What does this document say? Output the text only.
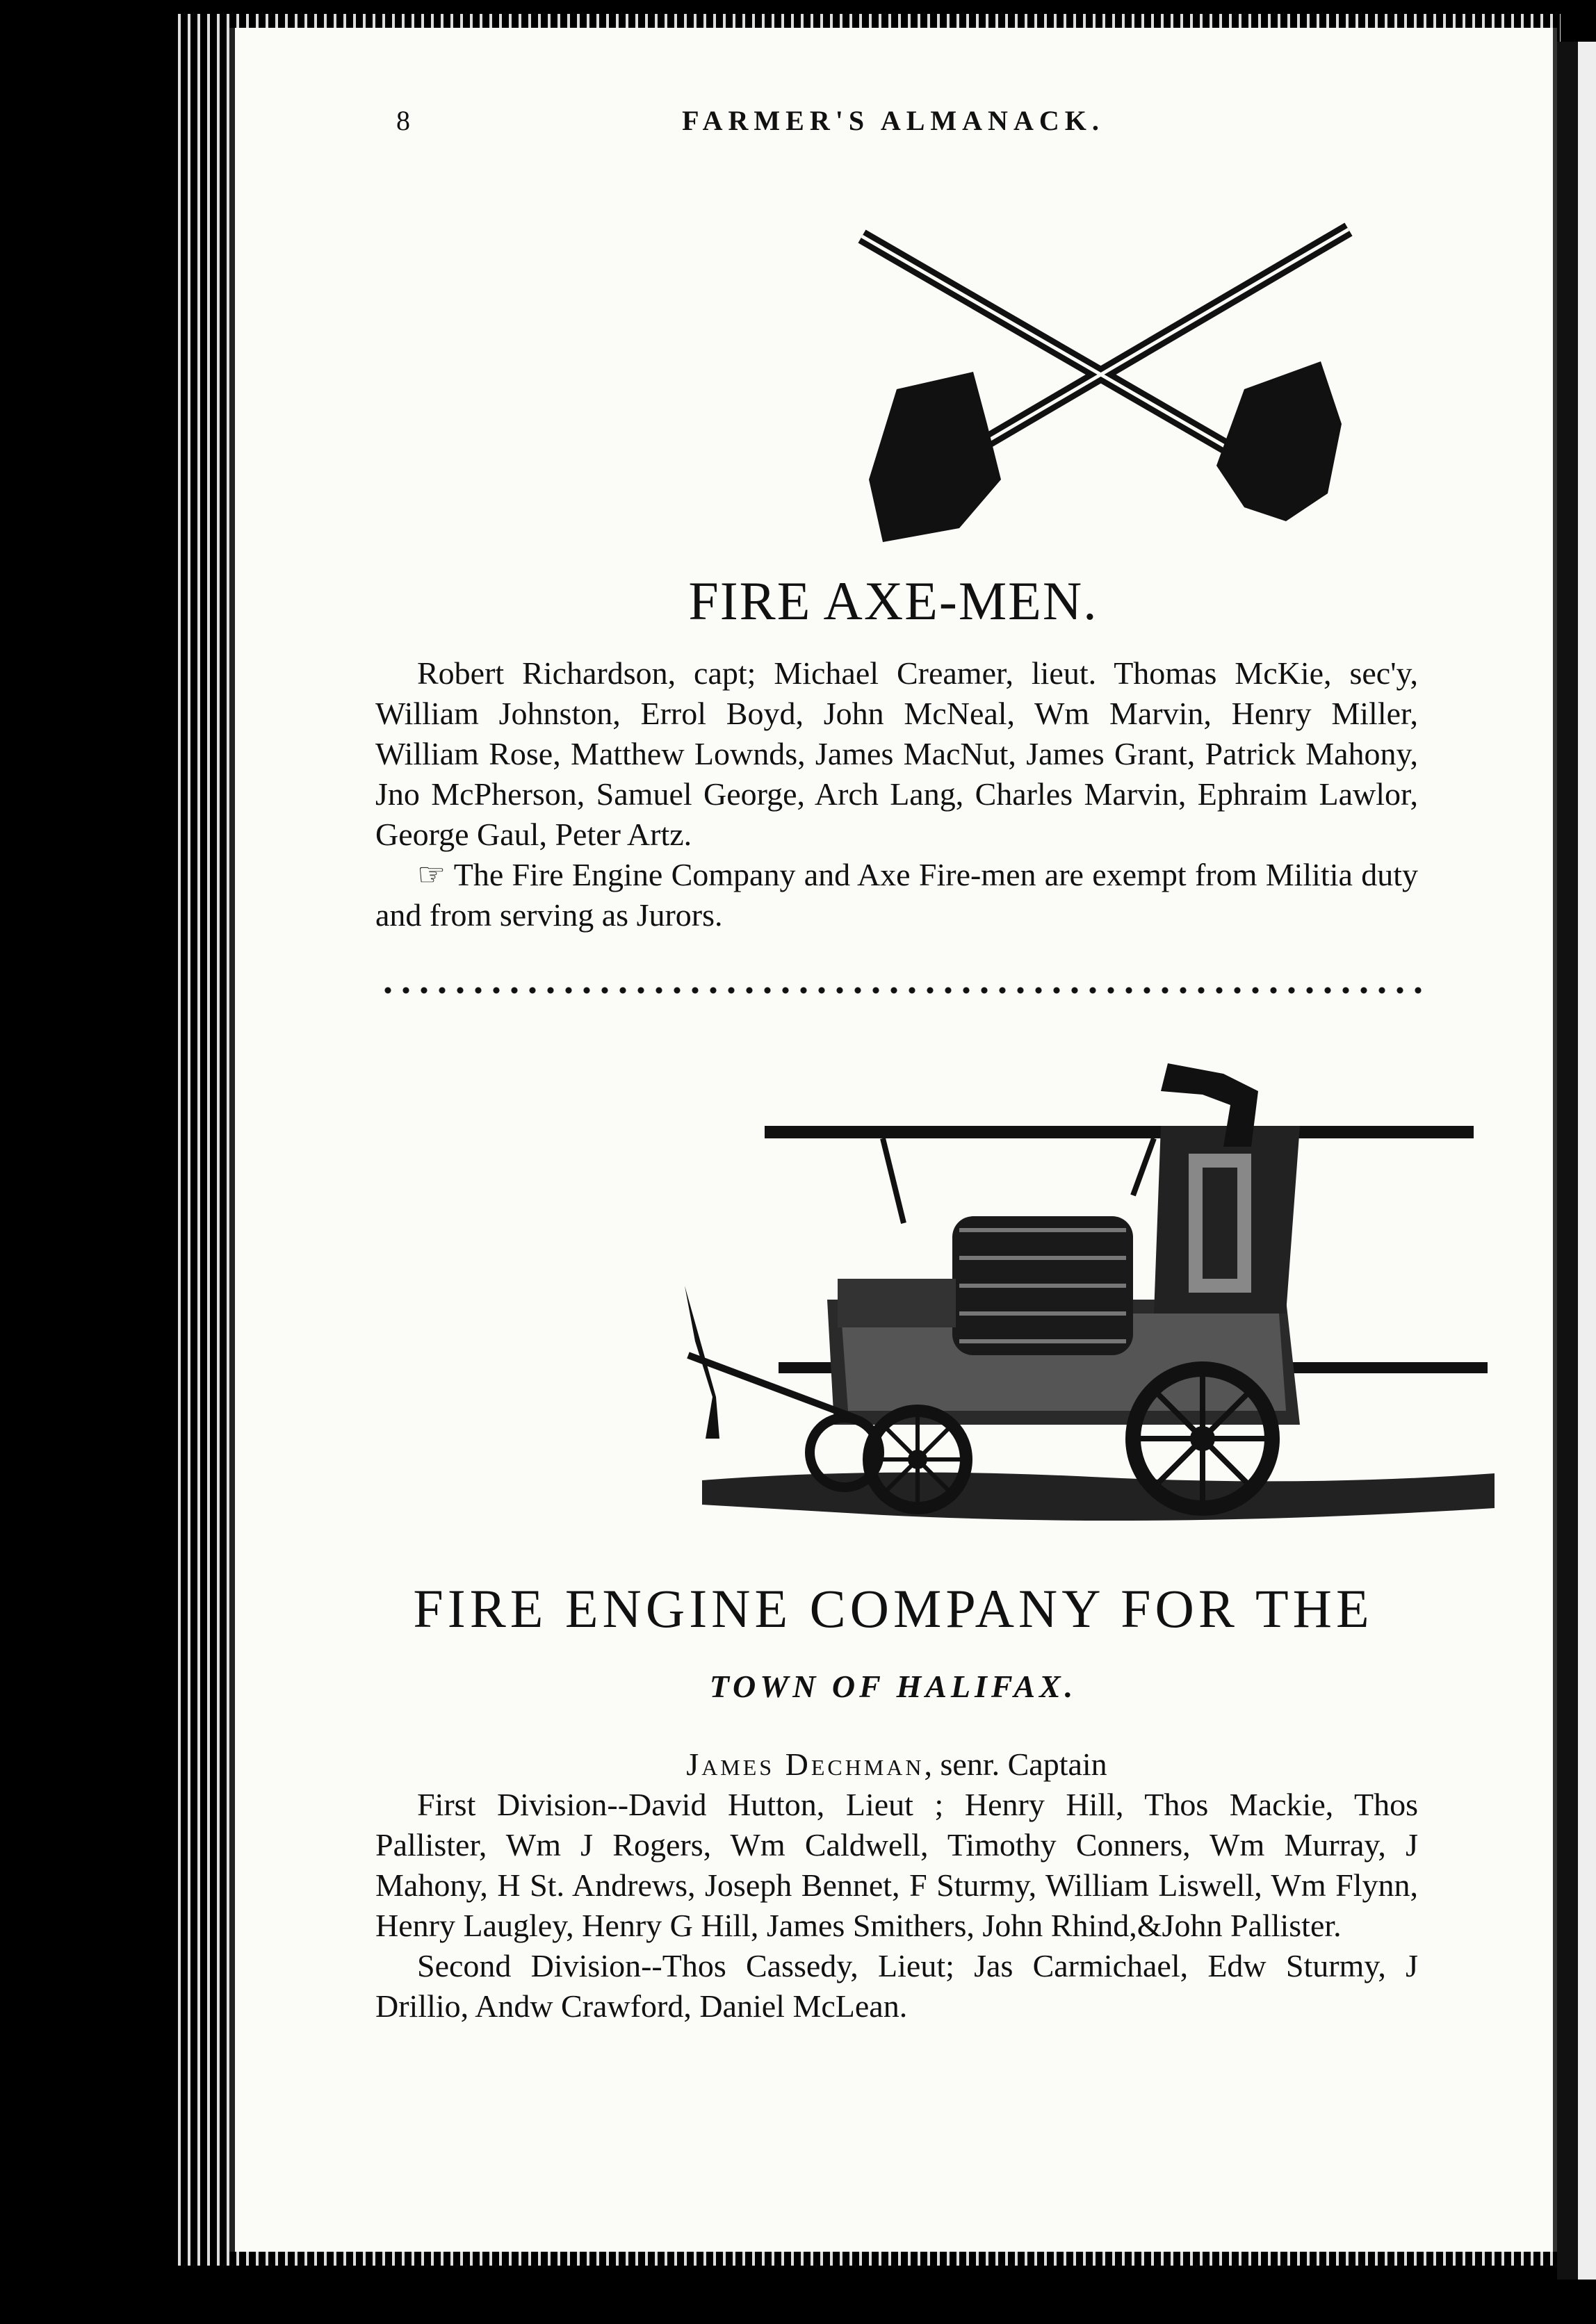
8	FARMER'S ALMANACK.
FIRE AXE-MEN.

Robert Richardson, capt; Michael Creamer, lieut. Thomas McKie, sec'y, William Johnston, Errol Boyd, John McNeal, Wm Marvin, Henry Miller, William Rose, Matthew Lownds, James MacNut, James Grant, Patrick Mahony, Jno McPherson, Samuel George, Arch Lang, Charles Marvin, Ephraim Lawlor, George Gaul, Peter Artz.

☞ The Fire Engine Company and Axe Fire-men are exempt from Militia duty and from serving as Jurors.

FIRE ENGINE COMPANY FOR THE
TOWN OF HALIFAX.

James Dechman, senr. Captain

First Division--David Hutton, Lieut ; Henry Hill, Thos Mackie, Thos Pallister, Wm J Rogers, Wm Caldwell, Timothy Conners, Wm Murray, J Mahony, H St. Andrews, Joseph Bennet, F Sturmy, William Liswell, Wm Flynn, Henry Laugley, Henry G Hill, James Smithers, John Rhind,&John Pallister.

Second Division--Thos Cassedy, Lieut; Jas Carmichael, Edw Sturmy, J Drillio, Andw Crawford, Daniel McLean.
